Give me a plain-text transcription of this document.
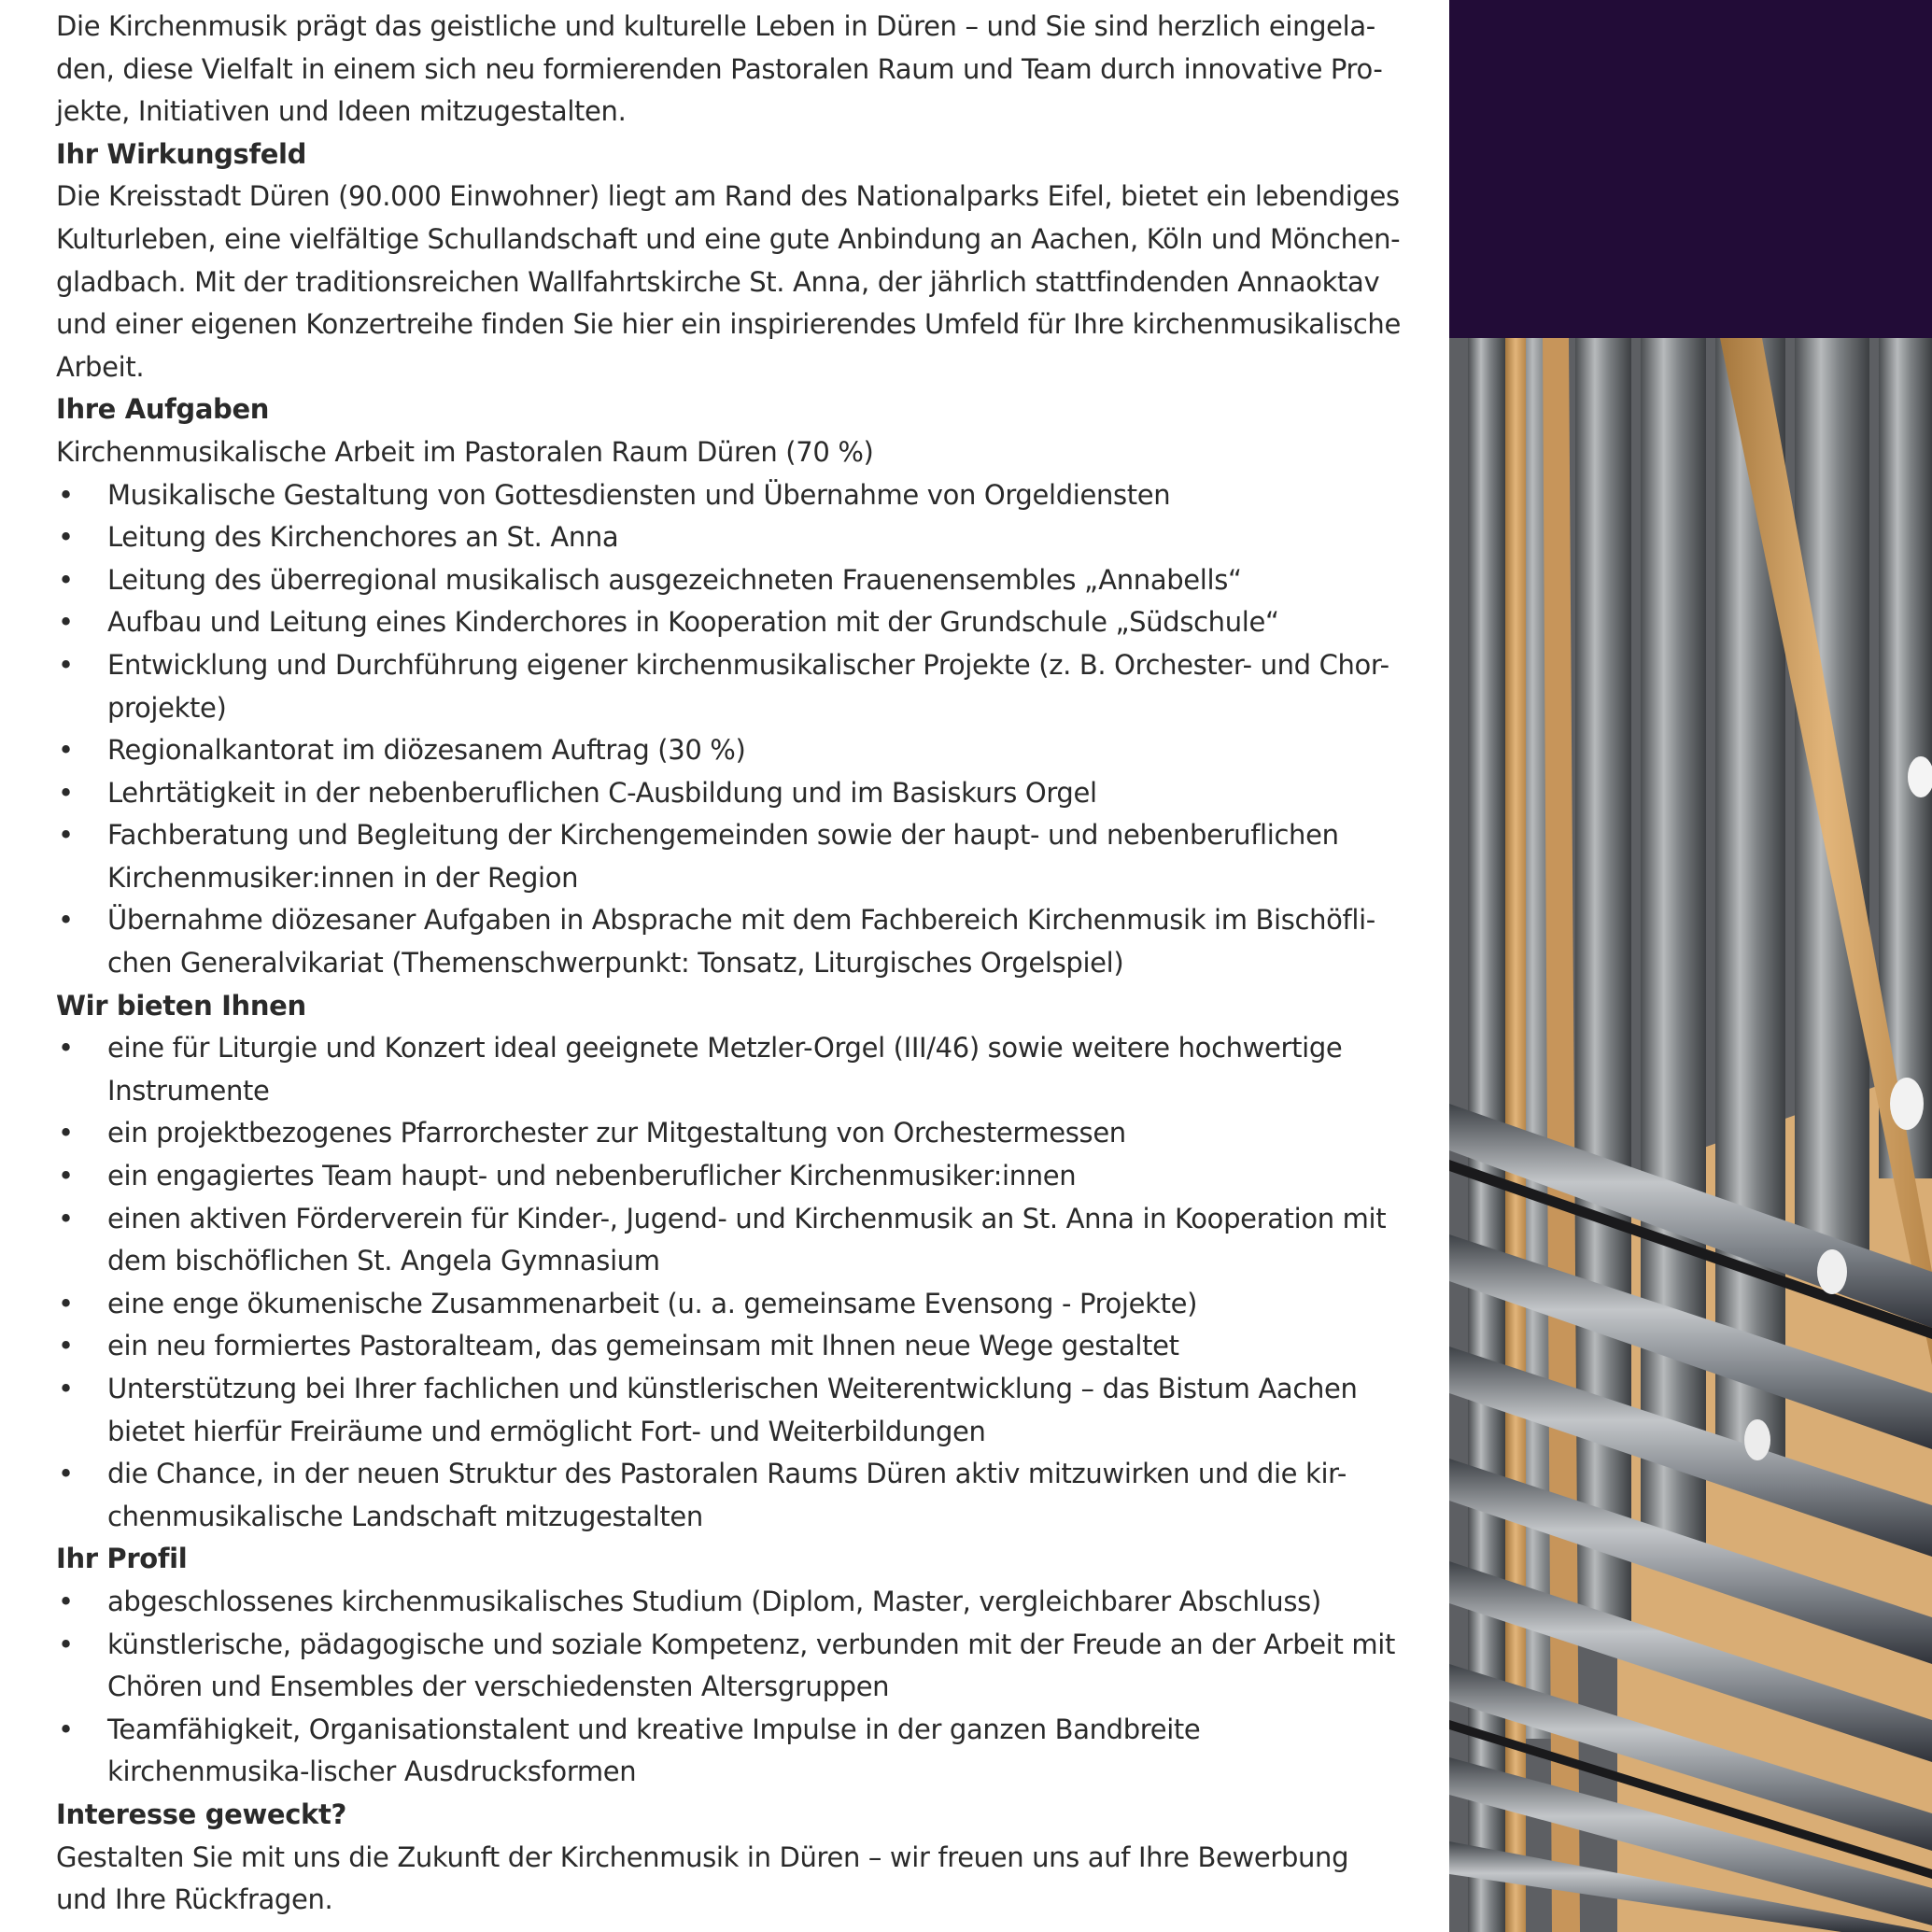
Die Kirchenmusik prägt das geistliche und kulturelle Leben in Düren – und Sie sind herzlich eingela-den, diese Vielfalt in einem sich neu formierenden Pastoralen Raum und Team durch innovative Pro-jekte, Initiativen und Ideen mitzugestalten.

Ihr Wirkungsfeld

Die Kreisstadt Düren (90.000 Einwohner) liegt am Rand des Nationalparks Eifel, bietet ein lebendiges Kulturleben, eine vielfältige Schullandschaft und eine gute Anbindung an Aachen, Köln und Mönchen-gladbach. Mit der traditionsreichen Wallfahrtskirche St. Anna, der jährlich stattfindenden Annaoktav und einer eigenen Konzertreihe finden Sie hier ein inspirierendes Umfeld für Ihre kirchenmusikalische Arbeit.

Ihre Aufgaben

Kirchenmusikalische Arbeit im Pastoralen Raum Düren (70 %)

• Musikalische Gestaltung von Gottesdiensten und Übernahme von Orgeldiensten
• Leitung des Kirchenchores an St. Anna
• Leitung des überregional musikalisch ausgezeichneten Frauenensembles „Annabells“
• Aufbau und Leitung eines Kinderchores in Kooperation mit der Grundschule „Südschule“
• Entwicklung und Durchführung eigener kirchenmusikalischer Projekte (z. B. Orchester- und Chor-projekte)
• Regionalkantorat im diözesanem Auftrag (30 %)
• Lehrtätigkeit in der nebenberuflichen C-Ausbildung und im Basiskurs Orgel
• Fachberatung und Begleitung der Kirchengemeinden sowie der haupt- und nebenberuflichen Kirchenmusiker:innen in der Region
• Übernahme diözesaner Aufgaben in Absprache mit dem Fachbereich Kirchenmusik im Bischöfli-chen Generalvikariat (Themenschwerpunkt: Tonsatz, Liturgisches Orgelspiel)

Wir bieten Ihnen

• eine für Liturgie und Konzert ideal geeignete Metzler-Orgel (III/46) sowie weitere hochwertige Instrumente
• ein projektbezogenes Pfarrorchester zur Mitgestaltung von Orchestermessen
• ein engagiertes Team haupt- und nebenberuflicher Kirchenmusiker:innen
• einen aktiven Förderverein für Kinder-, Jugend- und Kirchenmusik an St. Anna in Kooperation mit dem bischöflichen St. Angela Gymnasium
• eine enge ökumenische Zusammenarbeit (u. a. gemeinsame Evensong - Projekte)
• ein neu formiertes Pastoralteam, das gemeinsam mit Ihnen neue Wege gestaltet
• Unterstützung bei Ihrer fachlichen und künstlerischen Weiterentwicklung – das Bistum Aachen bietet hierfür Freiräume und ermöglicht Fort- und Weiterbildungen
• die Chance, in der neuen Struktur des Pastoralen Raums Düren aktiv mitzuwirken und die kir-chenmusikalische Landschaft mitzugestalten

Ihr Profil

• abgeschlossenes kirchenmusikalisches Studium (Diplom, Master, vergleichbarer Abschluss)
• künstlerische, pädagogische und soziale Kompetenz, verbunden mit der Freude an der Arbeit mit Chören und Ensembles der verschiedensten Altersgruppen
• Teamfähigkeit, Organisationstalent und kreative Impulse in der ganzen Bandbreite kirchenmusika-lischer Ausdrucksformen

Interesse geweckt?

Gestalten Sie mit uns die Zukunft der Kirchenmusik in Düren – wir freuen uns auf Ihre Bewerbung und Ihre Rückfragen.
